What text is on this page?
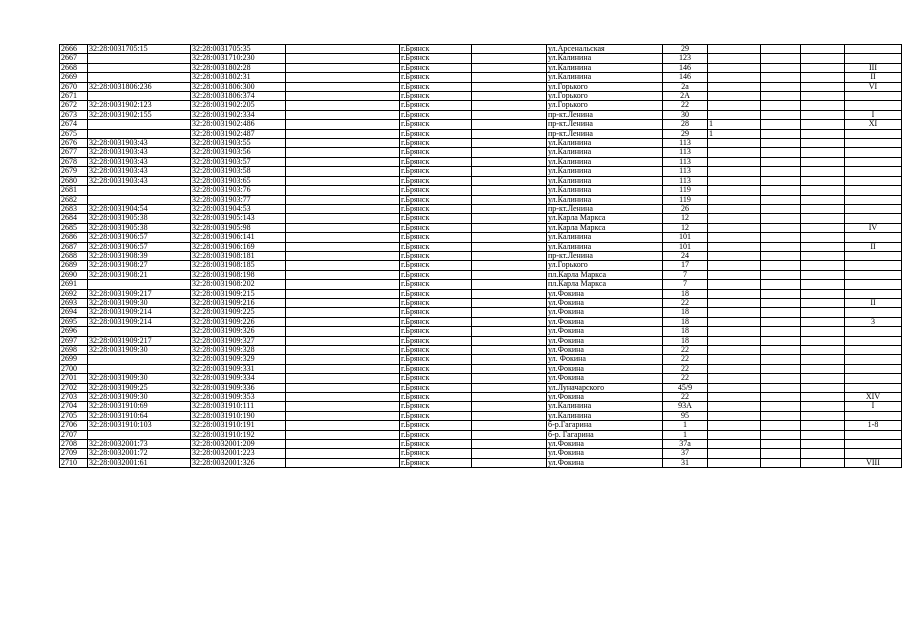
2666	32:28:0031705:15	32:28:0031705:35		г.Брянск		ул.Арсенальская	29				
2667		32:28:0031710:230		г.Брянск		ул.Калинина	123				
2668		32:28:0031802:28		г.Брянск		ул.Калинина	146				III
2669		32:28:0031802:31		г.Брянск		ул.Калинина	146				II
2670	32:28:0031806:236	32:28:0031806:300		г.Брянск		ул.Горького	2а				VI
2671		32:28:0031806:374		г.Брянск		ул.Горького	2А				
2672	32:28:0031902:123	32:28:0031902:205		г.Брянск		ул.Горького	22				
2673	32:28:0031902:155	32:28:0031902:334		г.Брянск		пр-кт.Ленина	30				I
2674		32:28:0031902:486		г.Брянск		пр-кт.Ленина	28	1			XI
2675		32:28:0031902:487		г.Брянск		пр-кт.Ленина	29	1			
2676	32:28:0031903:43	32:28:0031903:55		г.Брянск		ул.Калинина	113				
2677	32:28:0031903:43	32:28:0031903:56		г.Брянск		ул.Калинина	113				
2678	32:28:0031903:43	32:28:0031903:57		г.Брянск		ул.Калинина	113				
2679	32:28:0031903:43	32:28:0031903:58		г.Брянск		ул.Калинина	113				
2680	32:28:0031903:43	32:28:0031903:65		г.Брянск		ул.Калинина	113				
2681		32:28:0031903:76		г.Брянск		ул.Калинина	119				
2682		32:28:0031903:77		г.Брянск		ул.Калинина	119				
2683	32:28:0031904:54	32:28:0031904:53		г.Брянск		пр-кт.Ленина	26				
2684	32:28:0031905:38	32:28:0031905:143		г.Брянск		ул.Карла Маркса	12				
2685	32:28:0031905:38	32:28:0031905:98		г.Брянск		ул.Карла Маркса	12				IV
2686	32:28:0031906:57	32:28:0031906:141		г.Брянск		ул.Калинина	101				
2687	32:28:0031906:57	32:28:0031906:169		г.Брянск		ул.Калинина	101				II
2688	32:28:0031908:39	32:28:0031908:181		г.Брянск		пр-кт.Ленина	24				
2689	32:28:0031908:27	32:28:0031908:185		г.Брянск		ул.Горького	17				
2690	32:28:0031908:21	32:28:0031908:198		г.Брянск		пл.Карла Маркса	7				
2691		32:28:0031908:202		г.Брянск		пл.Карла Маркса	7				
2692	32:28:0031909:217	32:28:0031909:215		г.Брянск		ул.Фокина	18				
2693	32:28:0031909:30	32:28:0031909:216		г.Брянск		ул.Фокина	22				II
2694	32:28:0031909:214	32:28:0031909:225		г.Брянск		ул.Фокина	18				
2695	32:28:0031909:214	32:28:0031909:226		г.Брянск		ул.Фокина	18				3
2696		32:28:0031909:326		г.Брянск		ул.Фокина	18				
2697	32:28:0031909:217	32:28:0031909:327		г.Брянск		ул.Фокина	18				
2698	32:28:0031909:30	32:28:0031909:328		г.Брянск		ул.Фокина	22				
2699		32:28:0031909:329		г.Брянск		ул. Фокина	22				
2700		32:28:0031909:331		г.Брянск		ул.Фокина	22				
2701	32:28:0031909:30	32:28:0031909:334		г.Брянск		ул.Фокина	22				
2702	32:28:0031909:25	32:28:0031909:336		г.Брянск		ул.Луначарского	45/9				
2703	32:28:0031909:30	32:28:0031909:353		г.Брянск		ул.Фокина	22				XIV
2704	32:28:0031910:69	32:28:0031910:111		г.Брянск		ул.Калинина	93А				I
2705	32:28:0031910:64	32:28:0031910:190		г.Брянск		ул.Калинина	95				
2706	32:28:0031910:103	32:28:0031910:191		г.Брянск		б-р.Гагарина	1				1-8
2707		32:28:0031910:192		г.Брянск		б-р. Гагарина	1				
2708	32:28:0032001:73	32:28:0032001:209		г.Брянск		ул.Фокина	37а				
2709	32:28:0032001:72	32:28:0032001:223		г.Брянск		ул.Фокина	37				
2710	32:28:0032001:61	32:28:0032001:326		г.Брянск		ул.Фокина	31				VIII
